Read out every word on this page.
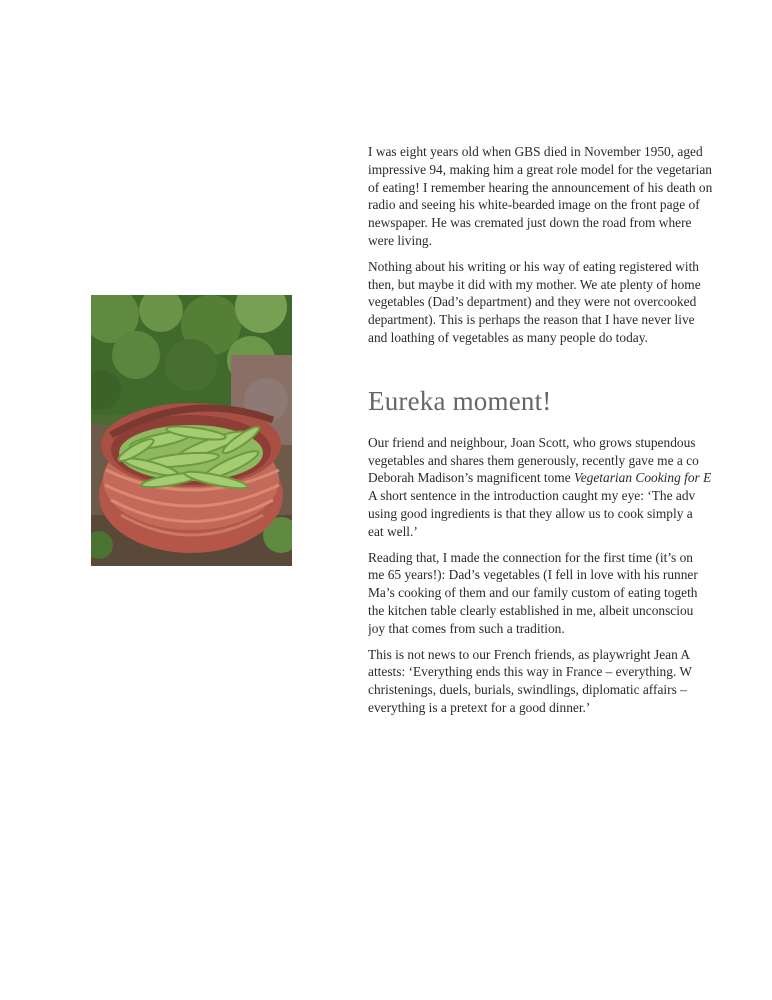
I was eight years old when GBS died in November 1950, aged
impressive 94, making him a great role model for the vegetarian
of eating! I remember hearing the announcement of his death on
radio and seeing his white-bearded image on the front page of
newspaper. He was cremated just down the road from where
were living.

Nothing about his writing or his way of eating registered with
then, but maybe it did with my mother. We ate plenty of home
vegetables (Dad’s department) and they were not overcooked
department). This is perhaps the reason that I have never live
and loathing of vegetables as many people do today.

Eureka moment!

Our friend and neighbour, Joan Scott, who grows stupendous
vegetables and shares them generously, recently gave me a co
Deborah Madison’s magnificent tome Vegetarian Cooking for E
A short sentence in the introduction caught my eye: ‘The adv
using good ingredients is that they allow us to cook simply a
eat well.’

Reading that, I made the connection for the first time (it’s on
me 65 years!): Dad’s vegetables (I fell in love with his runner
Ma’s cooking of them and our family custom of eating togeth
the kitchen table clearly established in me, albeit unconsciou
joy that comes from such a tradition.

This is not news to our French friends, as playwright Jean A
attests: ‘Everything ends this way in France – everything. W
christenings, duels, burials, swindlings, diplomatic affairs –
everything is a pretext for a good dinner.’
